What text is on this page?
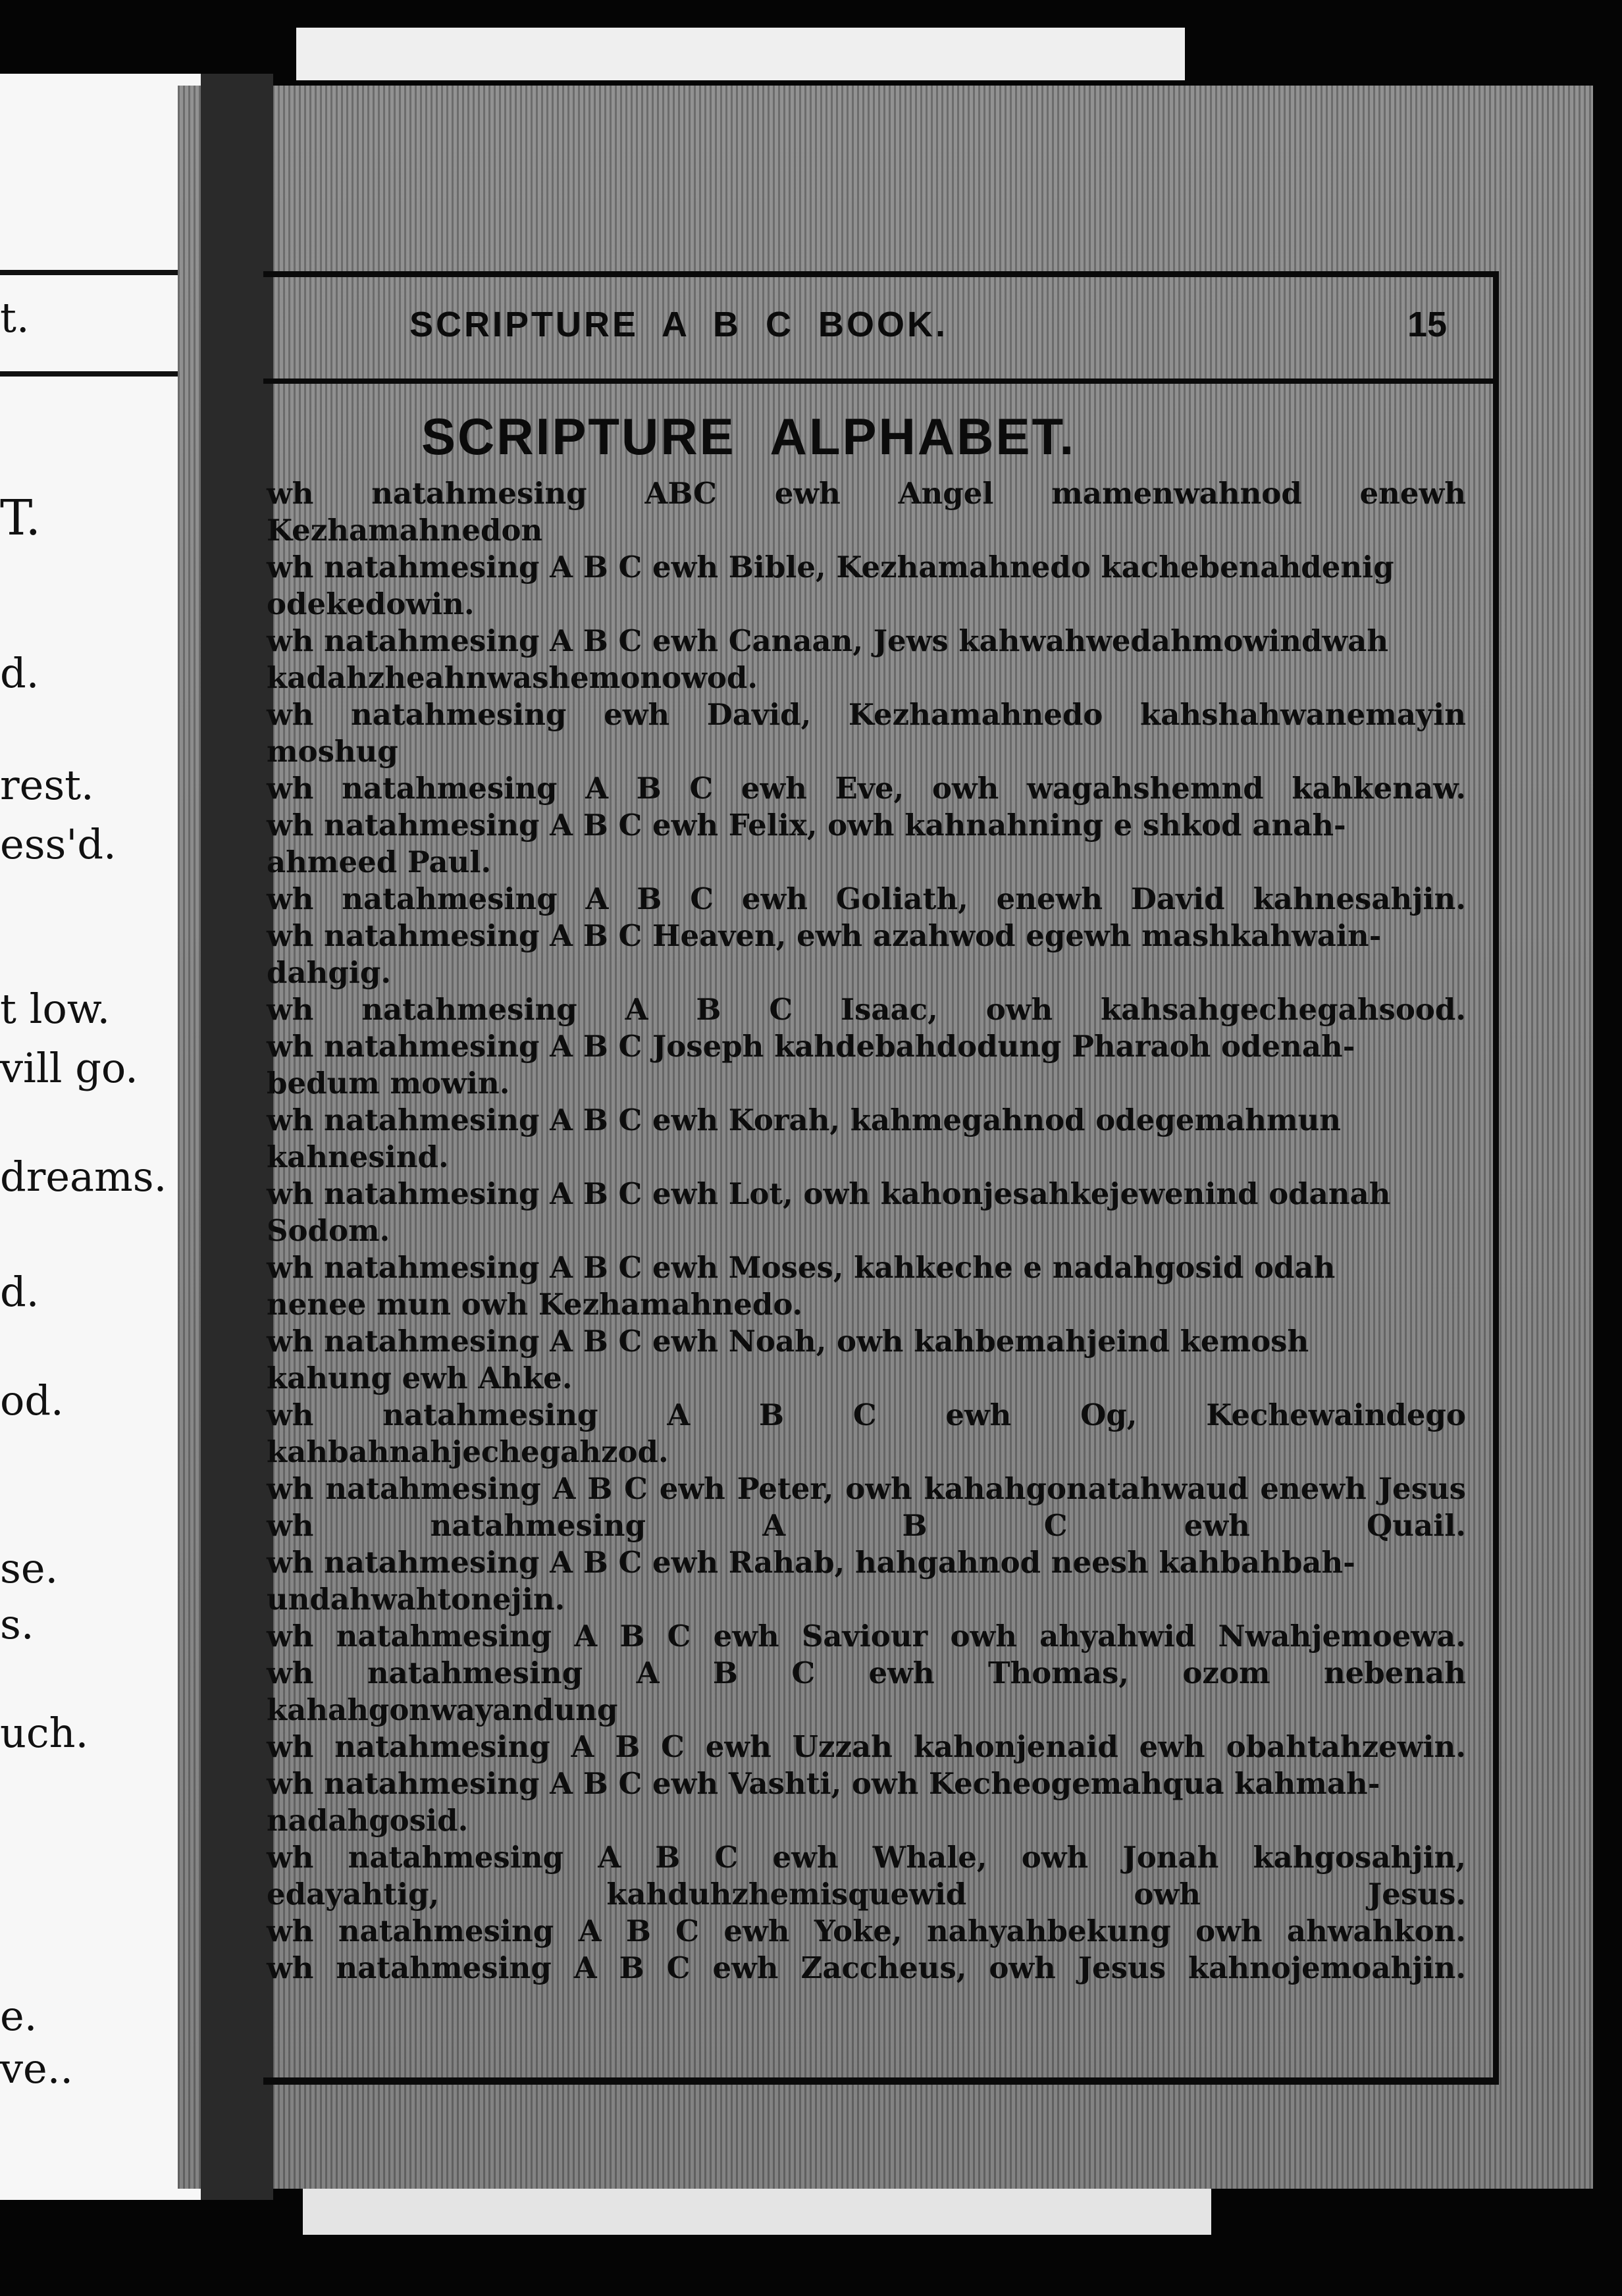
t.
T.
d.
rest.
ess'd.
t low.
vill go.
dreams.
d.
od.
se.
s.
uch.
e.
ve..
SCRIPTURE A B C BOOK.	15
SCRIPTURE ALPHABET.
wh natahmesing ABC ewh Angel mamenwahnod enewh Kezhamahnedon
wh natahmesing A B C ewh Bible, Kezhamahnedo kachebenahdenig
odekedowin.
wh natahmesing A B C ewh Canaan, Jews kahwahwedahmowindwah
kadahzheahnwashemonowod.
wh natahmesing ewh David, Kezhamahnedo kahshahwanemayin moshug
wh natahmesing A B C ewh Eve, owh wagahshemnd kahkenaw.
wh natahmesing A B C ewh Felix, owh kahnahning e shkod anah-
ahmeed Paul.
wh natahmesing A B C ewh Goliath, enewh David kahnesahjin.
wh natahmesing A B C Heaven, ewh azahwod egewh mashkahwain-
dahgig.
wh natahmesing A B C Isaac, owh kahsahgechegahsood.
wh natahmesing A B C Joseph kahdebahdodung Pharaoh odenah-
bedum mowin.
wh natahmesing A B C ewh Korah, kahmegahnod odegemahmun
kahnesind.
wh natahmesing A B C ewh Lot, owh kahonjesahkejewenind odanah
Sodom.
wh natahmesing A B C ewh Moses, kahkeche e nadahgosid odah
nenee mun owh Kezhamahnedo.
wh natahmesing A B C ewh Noah, owh kahbemahjeind kemosh
kahung ewh Ahke.
wh natahmesing A B C ewh Og, Kechewaindego kahbahnahjechegahzod.
wh natahmesing A B C ewh Peter, owh kahahgonatahwaud enewh Jesus
wh natahmesing A B C ewh Quail.
wh natahmesing A B C ewh Rahab, hahgahnod neesh kahbahbah-
undahwahtonejin.
wh natahmesing A B C ewh Saviour owh ahyahwid Nwahjemoewa.
wh natahmesing A B C ewh Thomas, ozom nebenah kahahgonwayandung
wh natahmesing A B C ewh Uzzah kahonjenaid ewh obahtahzewin.
wh natahmesing A B C ewh Vashti, owh Kecheogemahqua kahmah-
nadahgosid.
wh natahmesing A B C ewh Whale, owh Jonah kahgosahjin,
edayahtig, kahduhzhemisquewid owh Jesus.
wh natahmesing A B C ewh Yoke, nahyahbekung owh ahwahkon.
wh natahmesing A B C ewh Zaccheus, owh Jesus kahnojemoahjin.
